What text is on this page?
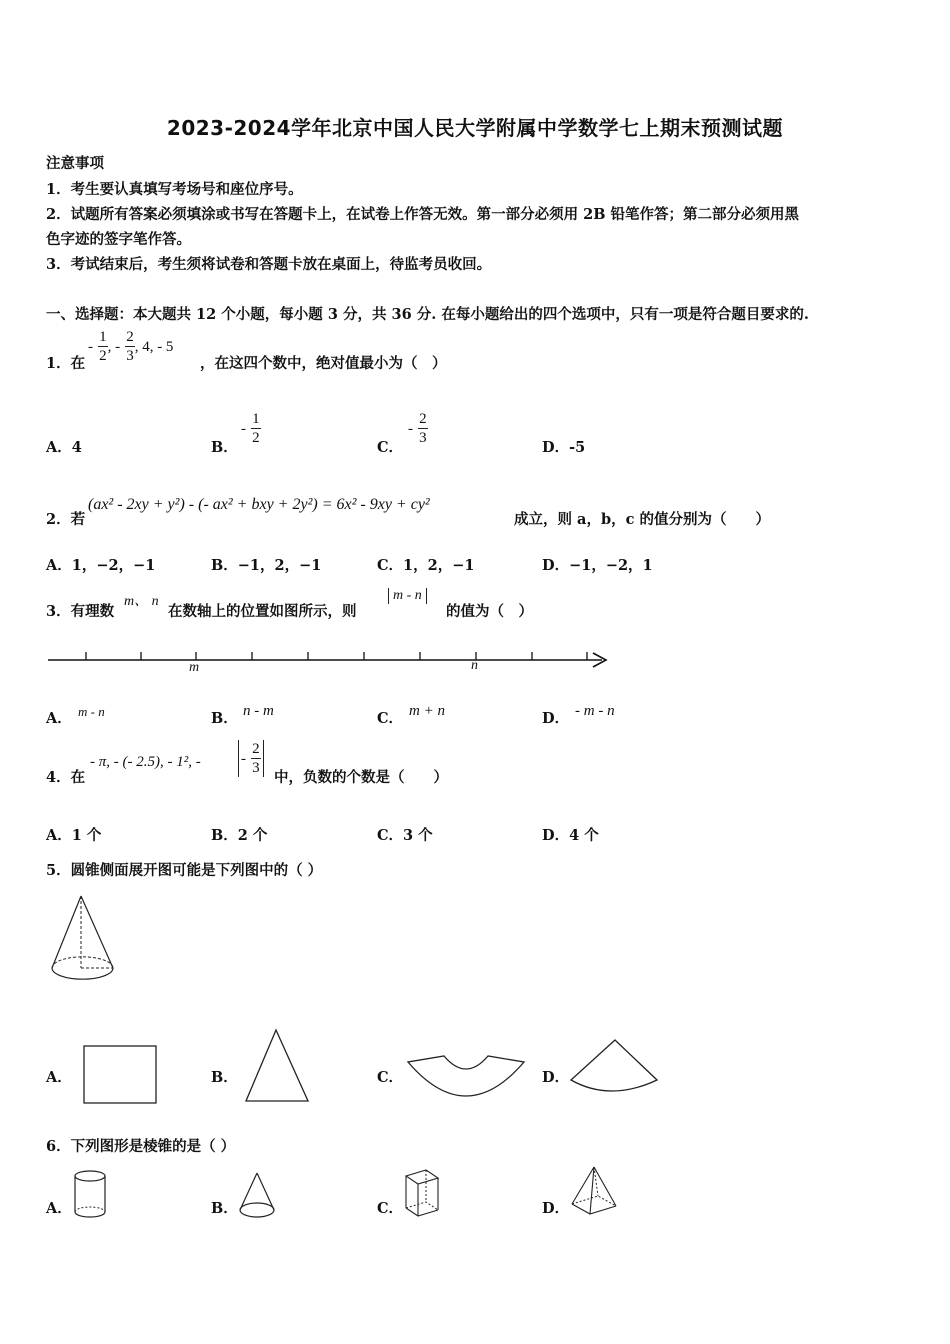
2023-2024学年北京中国人民大学附属中学数学七上期末预测试题
注意事项
1．考生要认真填写考场号和座位序号。
2．试题所有答案必须填涂或书写在答题卡上，在试卷上作答无效。第一部分必须用 2B 铅笔作答；第二部分必须用黑
色字迹的签字笔作答。
3．考试结束后，考生须将试卷和答题卡放在桌面上，待监考员收回。
一、选择题：本大题共 12 个小题，每小题 3 分，共 36 分. 在每小题给出的四个选项中，只有一项是符合题目要求的.
1．在
- $\frac{1}{2}$ , - $\frac{2}{3}$ , 4, - 5
，在这四个数中，绝对值最小为（　）
A．4	B．
- $\frac{1}{2}$
C．
- $\frac{2}{3}$
D．-5
2．若
(ax² - 2xy + y²) - (- ax² + bxy + 2y²) = 6x² - 9xy + cy²
成立，则 a，b，c 的值分别为（　　）
A．1，−2，−1	B．−1，2，−1	C．1，2，−1	D．−1，−2，1
3．有理数
m、 n
在数轴上的位置如图所示，则
m - n
的值为（　）
m	n
A． m - n	B． n - m	C． m + n	D． - m - n
4．在
- π, - (- 2.5), - 1², -	- $\frac{2}{3}$
中，负数的个数是（　　）
A．1 个	B．2 个	C．3 个	D．4 个
5．圆锥侧面展开图可能是下列图中的（ ）
A．	B．	C．	D．
6．下列图形是棱锥的是（ ）
A．	B．	C．	D．
